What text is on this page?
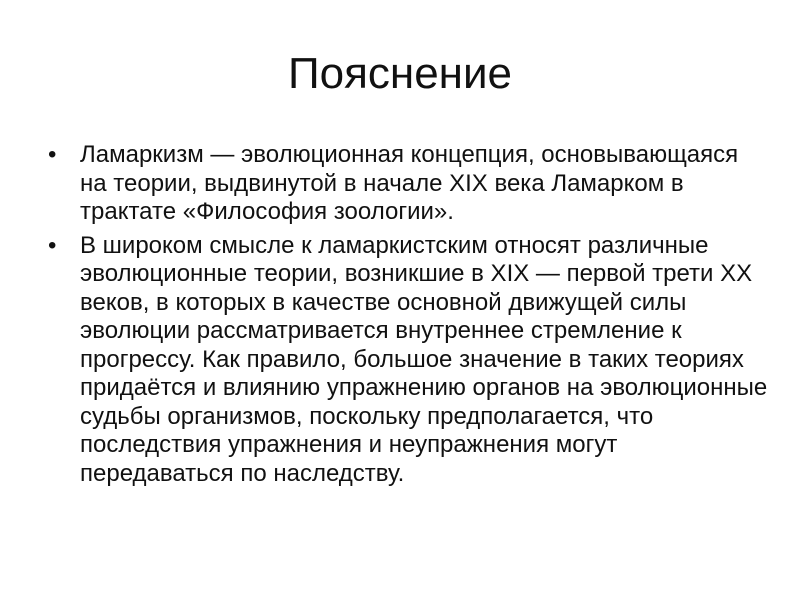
Пояснение
• Ламаркизм — эволюционная концепция, основывающаяся на теории, выдвинутой в начале XIX века Ламарком в трактате «Философия зоологии».
• В широком смысле к ламаркистским относят различные эволюционные теории, возникшие в XIX — первой трети XX веков, в которых в качестве основной движущей силы эволюции рассматривается внутреннее стремление к прогрессу. Как правило, большое значение в таких теориях придаётся и влиянию упражнению органов на эволюционные судьбы организмов, поскольку предполагается, что последствия упражнения и неупражнения могут передаваться по наследству.
